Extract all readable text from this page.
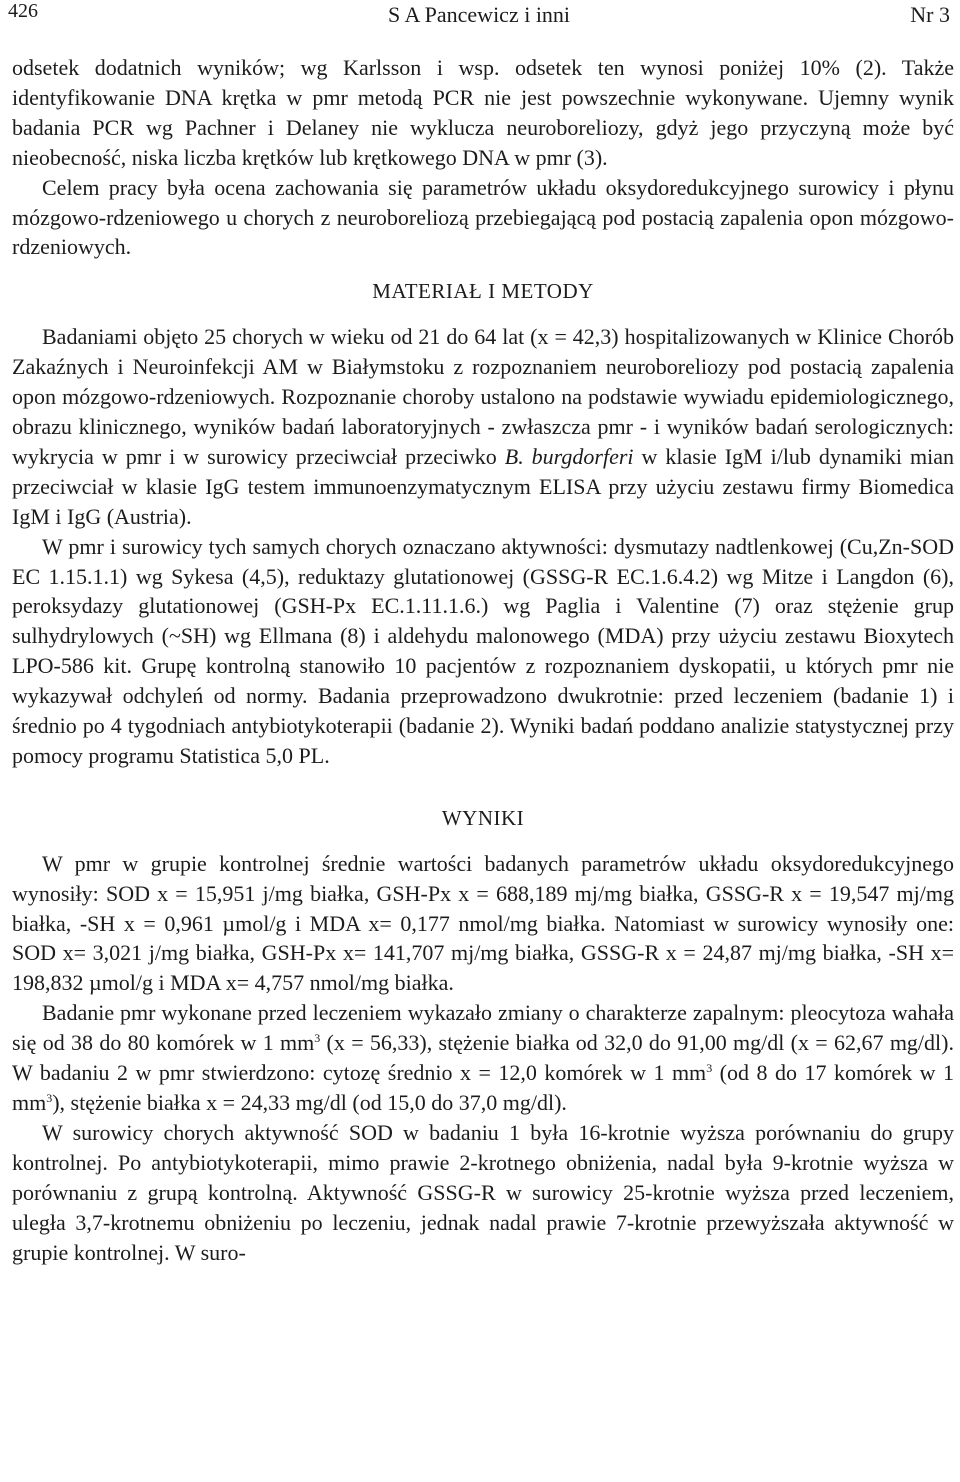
426	S A Pancewicz i inni	Nr 3

odsetek dodatnich wyników; wg Karlsson i wsp. odsetek ten wynosi poniżej 10% (2). Także identyfikowanie DNA krętka w pmr metodą PCR nie jest powszechnie wykonywane. Ujemny wynik badania PCR wg Pachner i Delaney nie wyklucza neuroboreliozy, gdyż jego przyczyną może być nieobecność, niska liczba krętków lub krętkowego DNA w pmr (3).

Celem pracy była ocena zachowania się parametrów układu oksydoredukcyjnego surowicy i płynu mózgowo-rdzeniowego u chorych z neuroboreliozą przebiegającą pod postacią zapalenia opon mózgowo-rdzeniowych.

MATERIAŁ I METODY

Badaniami objęto 25 chorych w wieku od 21 do 64 lat (x = 42,3) hospitalizowanych w Klinice Chorób Zakaźnych i Neuroinfekcji AM w Białymstoku z rozpoznaniem neuroboreliozy pod postacią zapalenia opon mózgowo-rdzeniowych. Rozpoznanie choroby ustalono na podstawie wywiadu epidemiologicznego, obrazu klinicznego, wyników badań laboratoryjnych - zwłaszcza pmr - i wyników badań serologicznych: wykrycia w pmr i w surowicy przeciwciał przeciwko B. burgdorferi w klasie IgM i/lub dynamiki mian przeciwciał w klasie IgG testem immunoenzymatycznym ELISA przy użyciu zestawu firmy Biomedica IgM i IgG (Austria).

W pmr i surowicy tych samych chorych oznaczano aktywności: dysmutazy nadtlenkowej (Cu,Zn-SOD EC 1.15.1.1) wg Sykesa (4,5), reduktazy glutationowej (GSSG-R EC.1.6.4.2) wg Mitze i Langdon (6), peroksydazy glutationowej (GSH-Px EC.1.11.1.6.) wg Paglia i Valentine (7) oraz stężenie grup sulhydrylowych (~SH) wg Ellmana (8) i aldehydu malonowego (MDA) przy użyciu zestawu Bioxytech LPO-586 kit. Grupę kontrolną stanowiło 10 pacjentów z rozpoznaniem dyskopatii, u których pmr nie wykazywał odchyleń od normy. Badania przeprowadzono dwukrotnie: przed leczeniem (badanie 1) i średnio po 4 tygodniach antybiotykoterapii (badanie 2). Wyniki badań poddano analizie statystycznej przy pomocy programu Statistica 5,0 PL.

WYNIKI

W pmr w grupie kontrolnej średnie wartości badanych parametrów układu oksydoredukcyjnego wynosiły: SOD x = 15,951 j/mg białka, GSH-Px x = 688,189 mj/mg białka, GSSG-R x = 19,547 mj/mg białka, -SH x = 0,961 µmol/g i MDA x= 0,177 nmol/mg białka. Natomiast w surowicy wynosiły one: SOD x= 3,021 j/mg białka, GSH-Px x= 141,707 mj/mg białka, GSSG-R x = 24,87 mj/mg białka, -SH x= 198,832 µmol/g i MDA x= 4,757 nmol/mg białka.

Badanie pmr wykonane przed leczeniem wykazało zmiany o charakterze zapalnym: pleocytoza wahała się od 38 do 80 komórek w 1 $mm^3$ (x = 56,33), stężenie białka od 32,0 do 91,00 mg/dl (x = 62,67 mg/dl). W badaniu 2 w pmr stwierdzono: cytozę średnio x = 12,0 komórek w 1 $mm^3$ (od 8 do 17 komórek w 1 $mm^3$), stężenie białka x = 24,33 mg/dl (od 15,0 do 37,0 mg/dl).

W surowicy chorych aktywność SOD w badaniu 1 była 16-krotnie wyższa porównaniu do grupy kontrolnej. Po antybiotykoterapii, mimo prawie 2-krotnego obniżenia, nadal była 9-krotnie wyższa w porównaniu z grupą kontrolną. Aktywność GSSG-R w surowicy 25-krotnie wyższa przed leczeniem, uległa 3,7-krotnemu obniżeniu po leczeniu, jednak nadal prawie 7-krotnie przewyższała aktywność w grupie kontrolnej. W suro-
